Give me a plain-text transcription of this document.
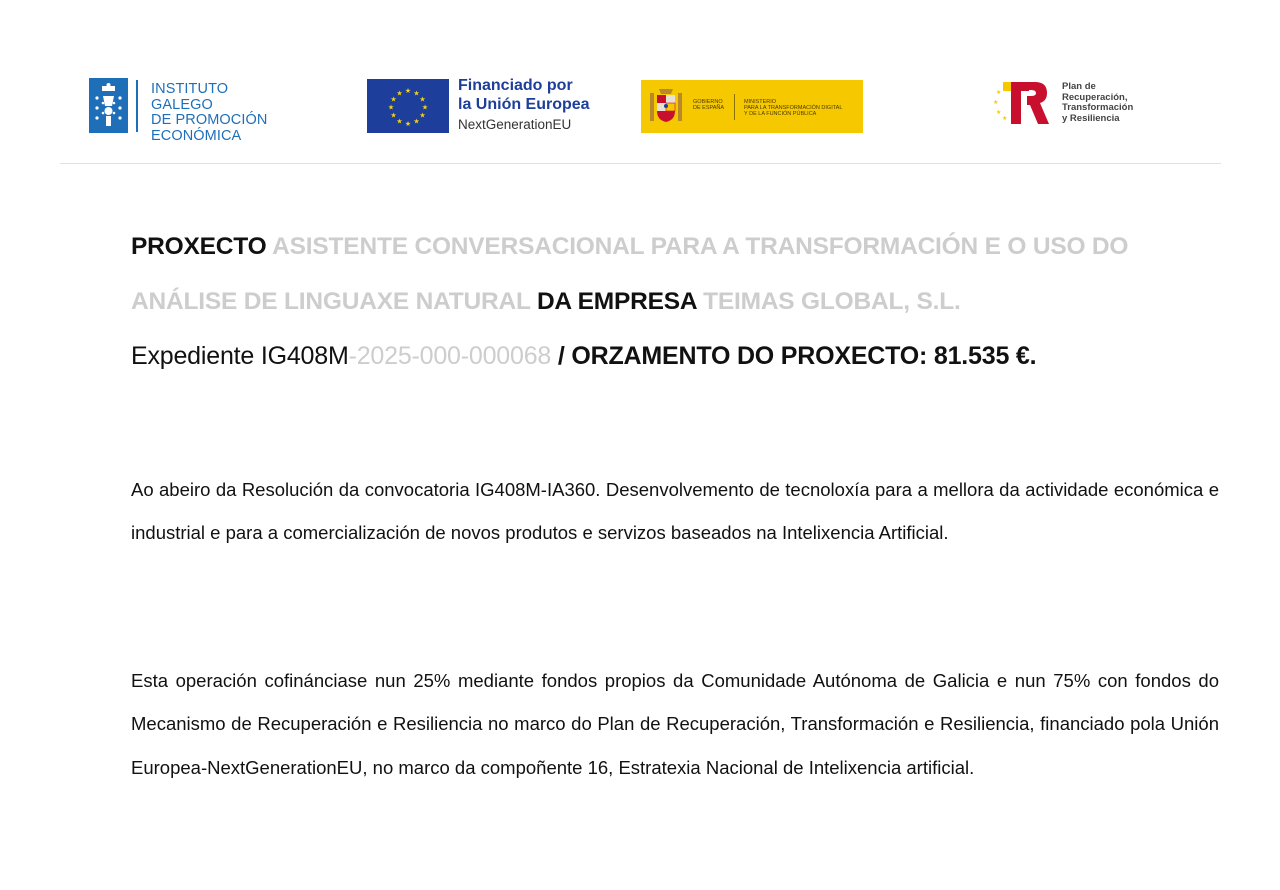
INSTITUTO GALEGO
DE PROMOCIÓN
ECONÓMICA
★ ★
★
★
★
★
★
★
★
★
★
★	Financiado por
la Unión Europea
NextGenerationEU
GOBIERNO
DE ESPAÑA
MINISTERIO
PARA LA TRANSFORMACIÓN DIGITAL
Y DE LA FUNCIÓN PÚBLICA
★
★
★
★
Plan de
Recuperación,
Transformación
y Resiliencia
PROXECTO ASISTENTE CONVERSACIONAL PARA A TRANSFORMACIÓN E O USO DO
ANÁLISE DE LINGUAXE NATURAL DA EMPRESA TEIMAS GLOBAL, S.L.
Expediente IG408M-2025-000-000068 / ORZAMENTO DO PROXECTO: 81.535 €.

Ao abeiro da Resolución da convocatoria IG408M-IA360. Desenvolvemento de tecnoloxía para a mellora da actividade económica e industrial e para a comercialización de novos produtos e servizos baseados na Intelixencia Artificial.

Esta operación cofinánciase nun 25% mediante fondos propios da Comunidade Autónoma de Galicia e nun 75% con fondos do Mecanismo de Recuperación e Resiliencia no marco do Plan de Recuperación, Transformación e Resiliencia, financiado pola Unión Europea-NextGenerationEU, no marco da compoñente 16, Estratexia Nacional de Intelixencia artificial.
